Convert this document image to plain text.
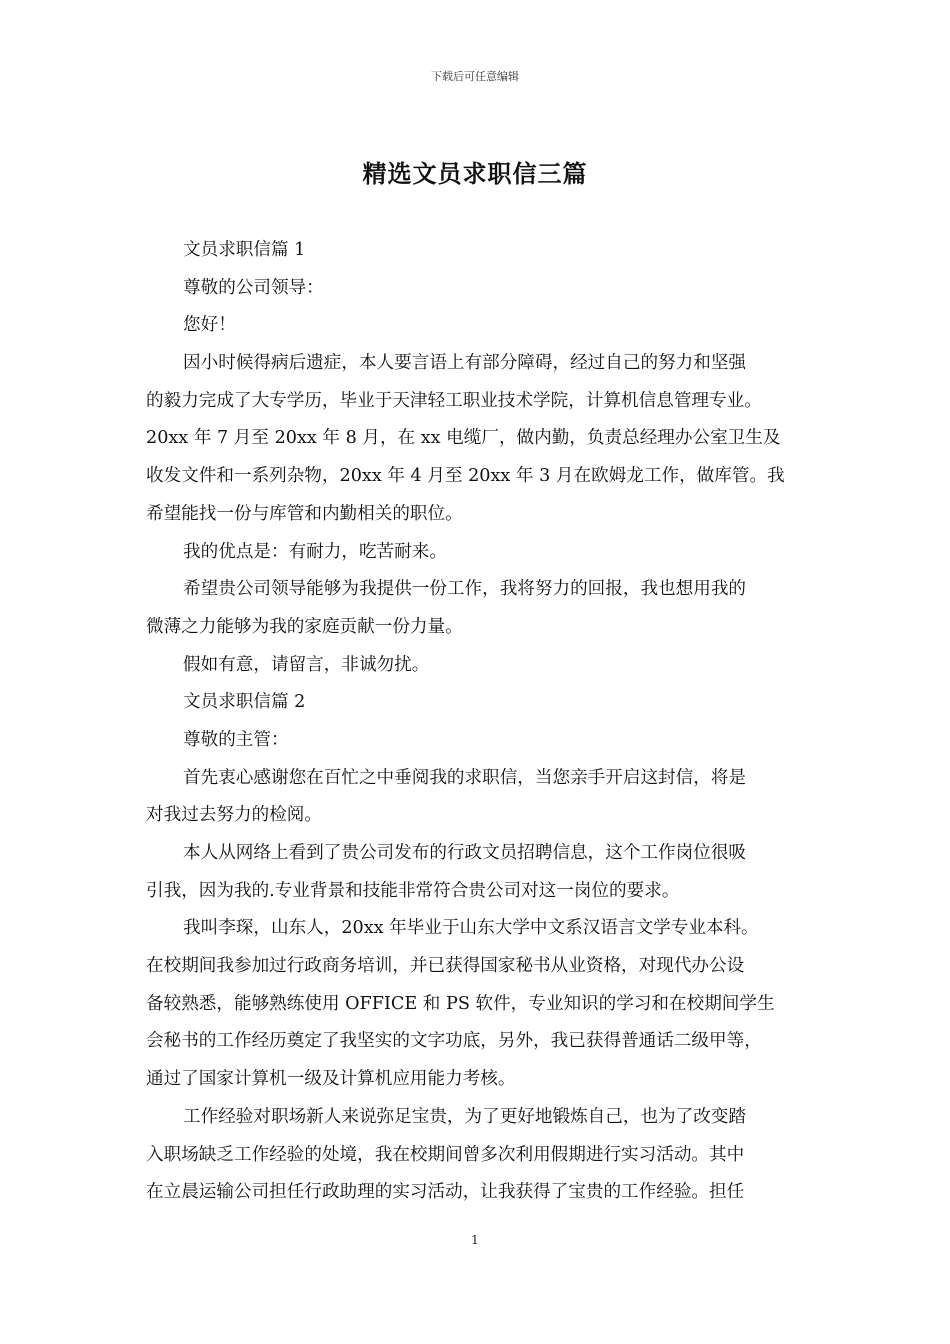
下载后可任意编辑
精选文员求职信三篇
文员求职信篇 1
尊敬的公司领导：
您好！
因小时候得病后遗症，本人要言语上有部分障碍，经过自己的努力和坚强
的毅力完成了大专学历，毕业于天津轻工职业技术学院，计算机信息管理专业。
20xx 年 7 月至 20xx 年 8 月，在 xx 电缆厂，做内勤，负责总经理办公室卫生及
收发文件和一系列杂物，20xx 年 4 月至 20xx 年 3 月在欧姆龙工作，做库管。我
希望能找一份与库管和内勤相关的职位。
我的优点是：有耐力，吃苦耐来。
希望贵公司领导能够为我提供一份工作，我将努力的回报，我也想用我的
微薄之力能够为我的家庭贡献一份力量。
假如有意，请留言，非诚勿扰。
文员求职信篇 2
尊敬的主管：
首先衷心感谢您在百忙之中垂阅我的求职信，当您亲手开启这封信，将是
对我过去努力的检阅。
本人从网络上看到了贵公司发布的行政文员招聘信息，这个工作岗位很吸
引我，因为我的.专业背景和技能非常符合贵公司对这一岗位的要求。
我叫李琛，山东人，20xx 年毕业于山东大学中文系汉语言文学专业本科。
在校期间我参加过行政商务培训，并已获得国家秘书从业资格，对现代办公设
备较熟悉，能够熟练使用 OFFICE 和 PS 软件，专业知识的学习和在校期间学生
会秘书的工作经历奠定了我坚实的文字功底，另外，我已获得普通话二级甲等，
通过了国家计算机一级及计算机应用能力考核。
工作经验对职场新人来说弥足宝贵，为了更好地锻炼自己，也为了改变踏
入职场缺乏工作经验的处境，我在校期间曾多次利用假期进行实习活动。其中
在立晨运输公司担任行政助理的实习活动，让我获得了宝贵的工作经验。担任
1
